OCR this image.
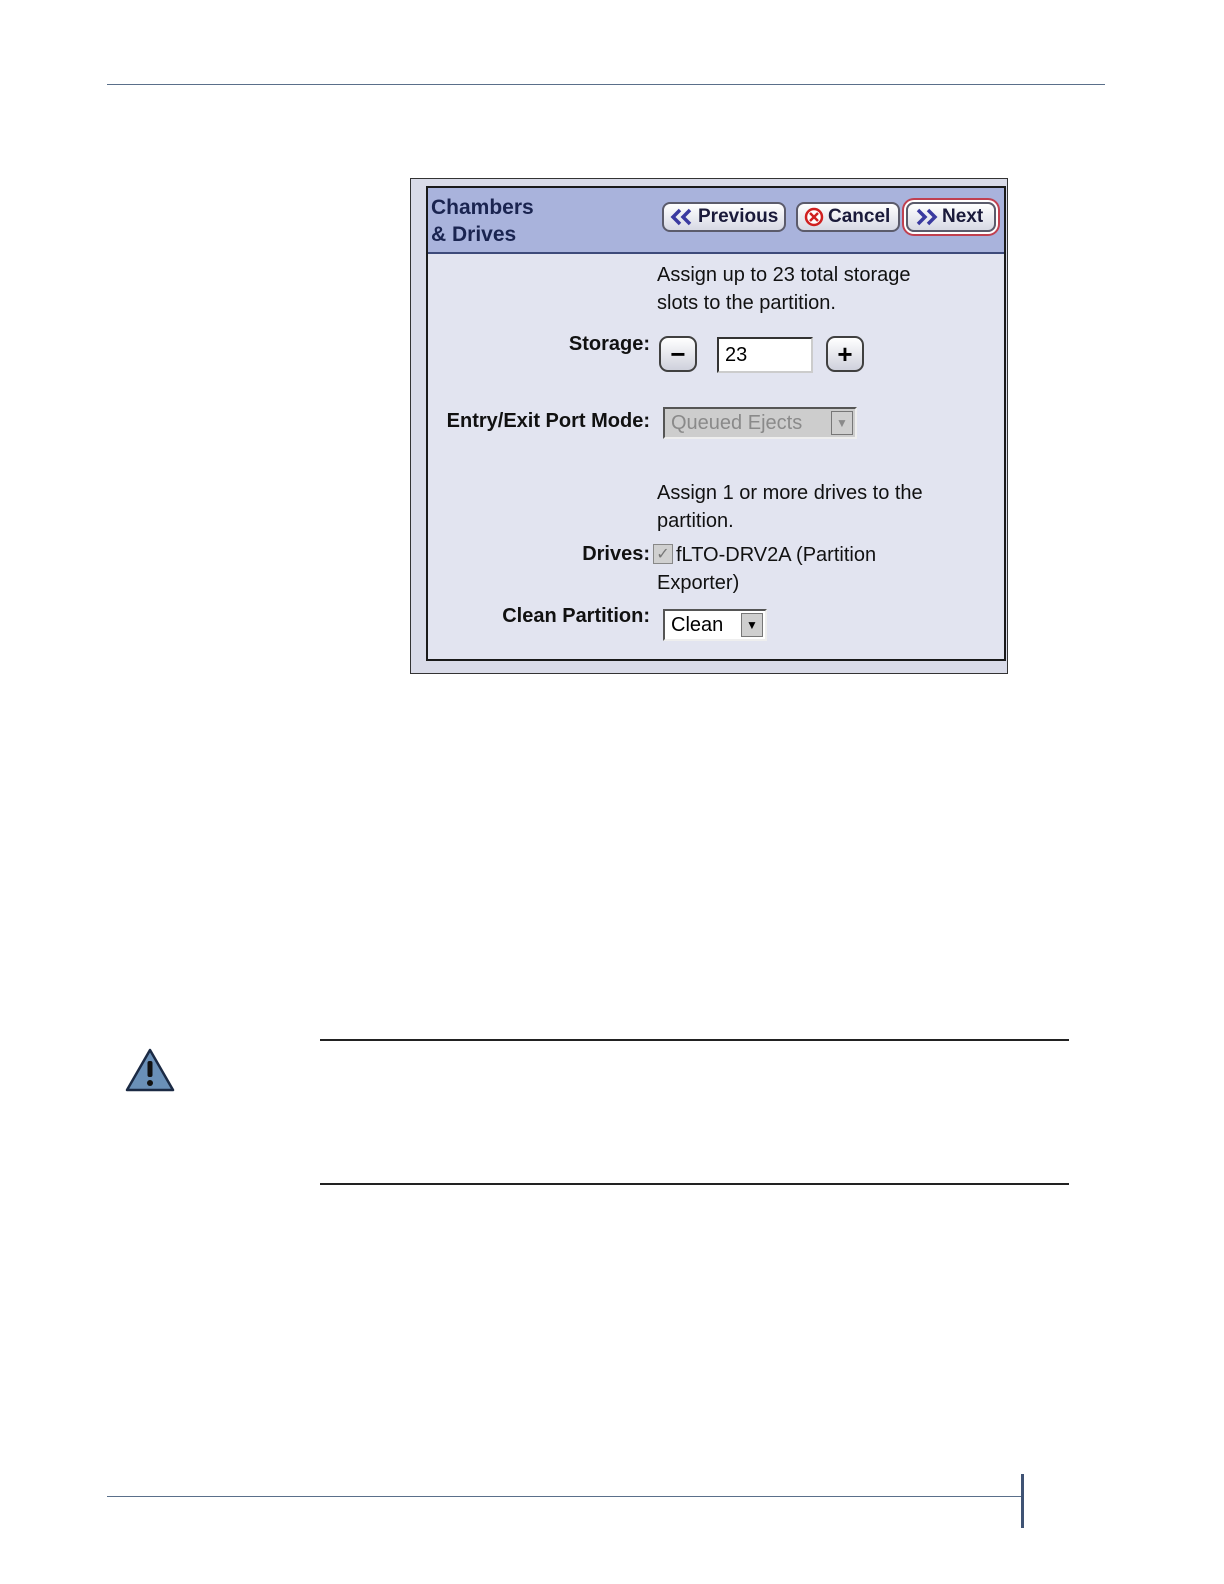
Chambers
& Drives
Previous	Cancel	Next
Assign up to 23 total storage
slots to the partition.
Storage: −
23	+
Entry/Exit Port Mode: Queued Ejects	▼
Assign 1 or more drives to the
partition.
Drives: ✓ fLTO-DRV2A (Partition
Exporter)
Clean Partition: Clean	▼
